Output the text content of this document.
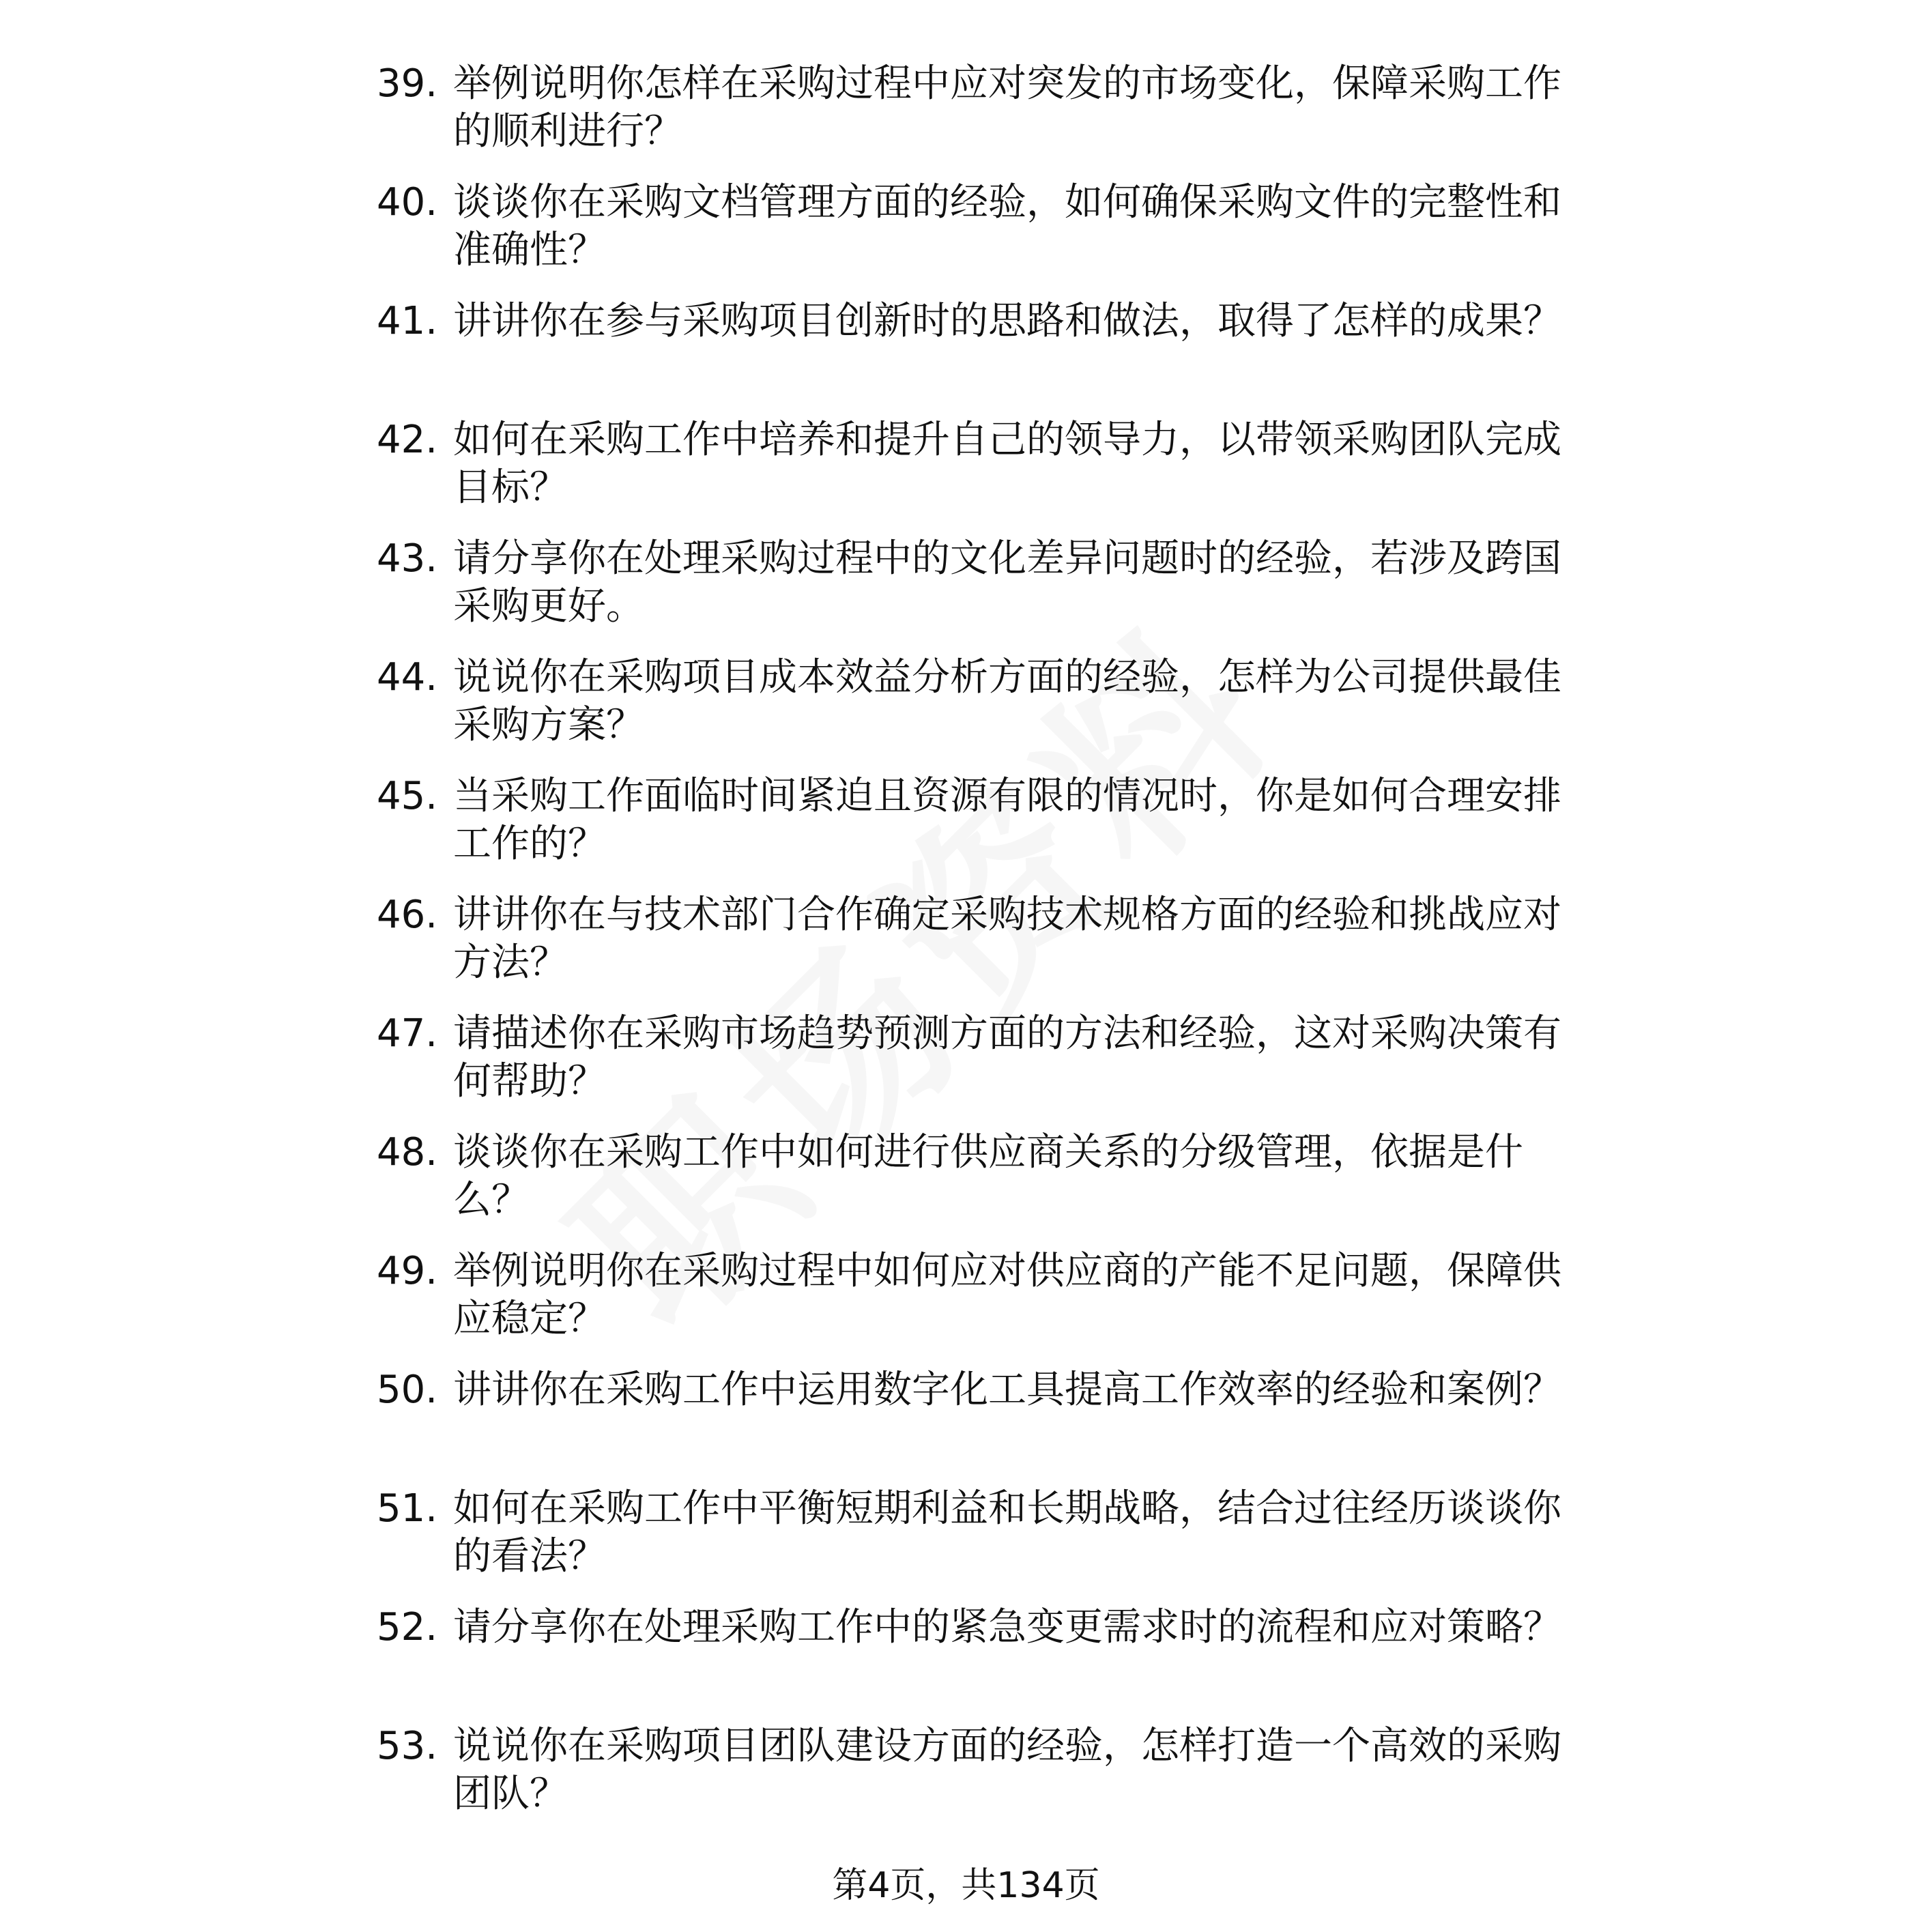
39. 举例说明你怎样在采购过程中应对突发的市场变化，保障采购工作的顺利进行？
40. 谈谈你在采购文档管理方面的经验，如何确保采购文件的完整性和准确性？
41. 讲讲你在参与采购项目创新时的思路和做法，取得了怎样的成果？
42. 如何在采购工作中培养和提升自己的领导力，以带领采购团队完成目标？
43. 请分享你在处理采购过程中的文化差异问题时的经验，若涉及跨国采购更好。
44. 说说你在采购项目成本效益分析方面的经验，怎样为公司提供最佳采购方案？
45. 当采购工作面临时间紧迫且资源有限的情况时，你是如何合理安排工作的？
46. 讲讲你在与技术部门合作确定采购技术规格方面的经验和挑战应对方法？
47. 请描述你在采购市场趋势预测方面的方法和经验，这对采购决策有何帮助？
48. 谈谈你在采购工作中如何进行供应商关系的分级管理，依据是什么？
49. 举例说明你在采购过程中如何应对供应商的产能不足问题，保障供应稳定？
50. 讲讲你在采购工作中运用数字化工具提高工作效率的经验和案例？
51. 如何在采购工作中平衡短期利益和长期战略，结合过往经历谈谈你的看法？
52. 请分享你在处理采购工作中的紧急变更需求时的流程和应对策略？
53. 说说你在采购项目团队建设方面的经验，怎样打造一个高效的采购团队？
第4页，共134页
